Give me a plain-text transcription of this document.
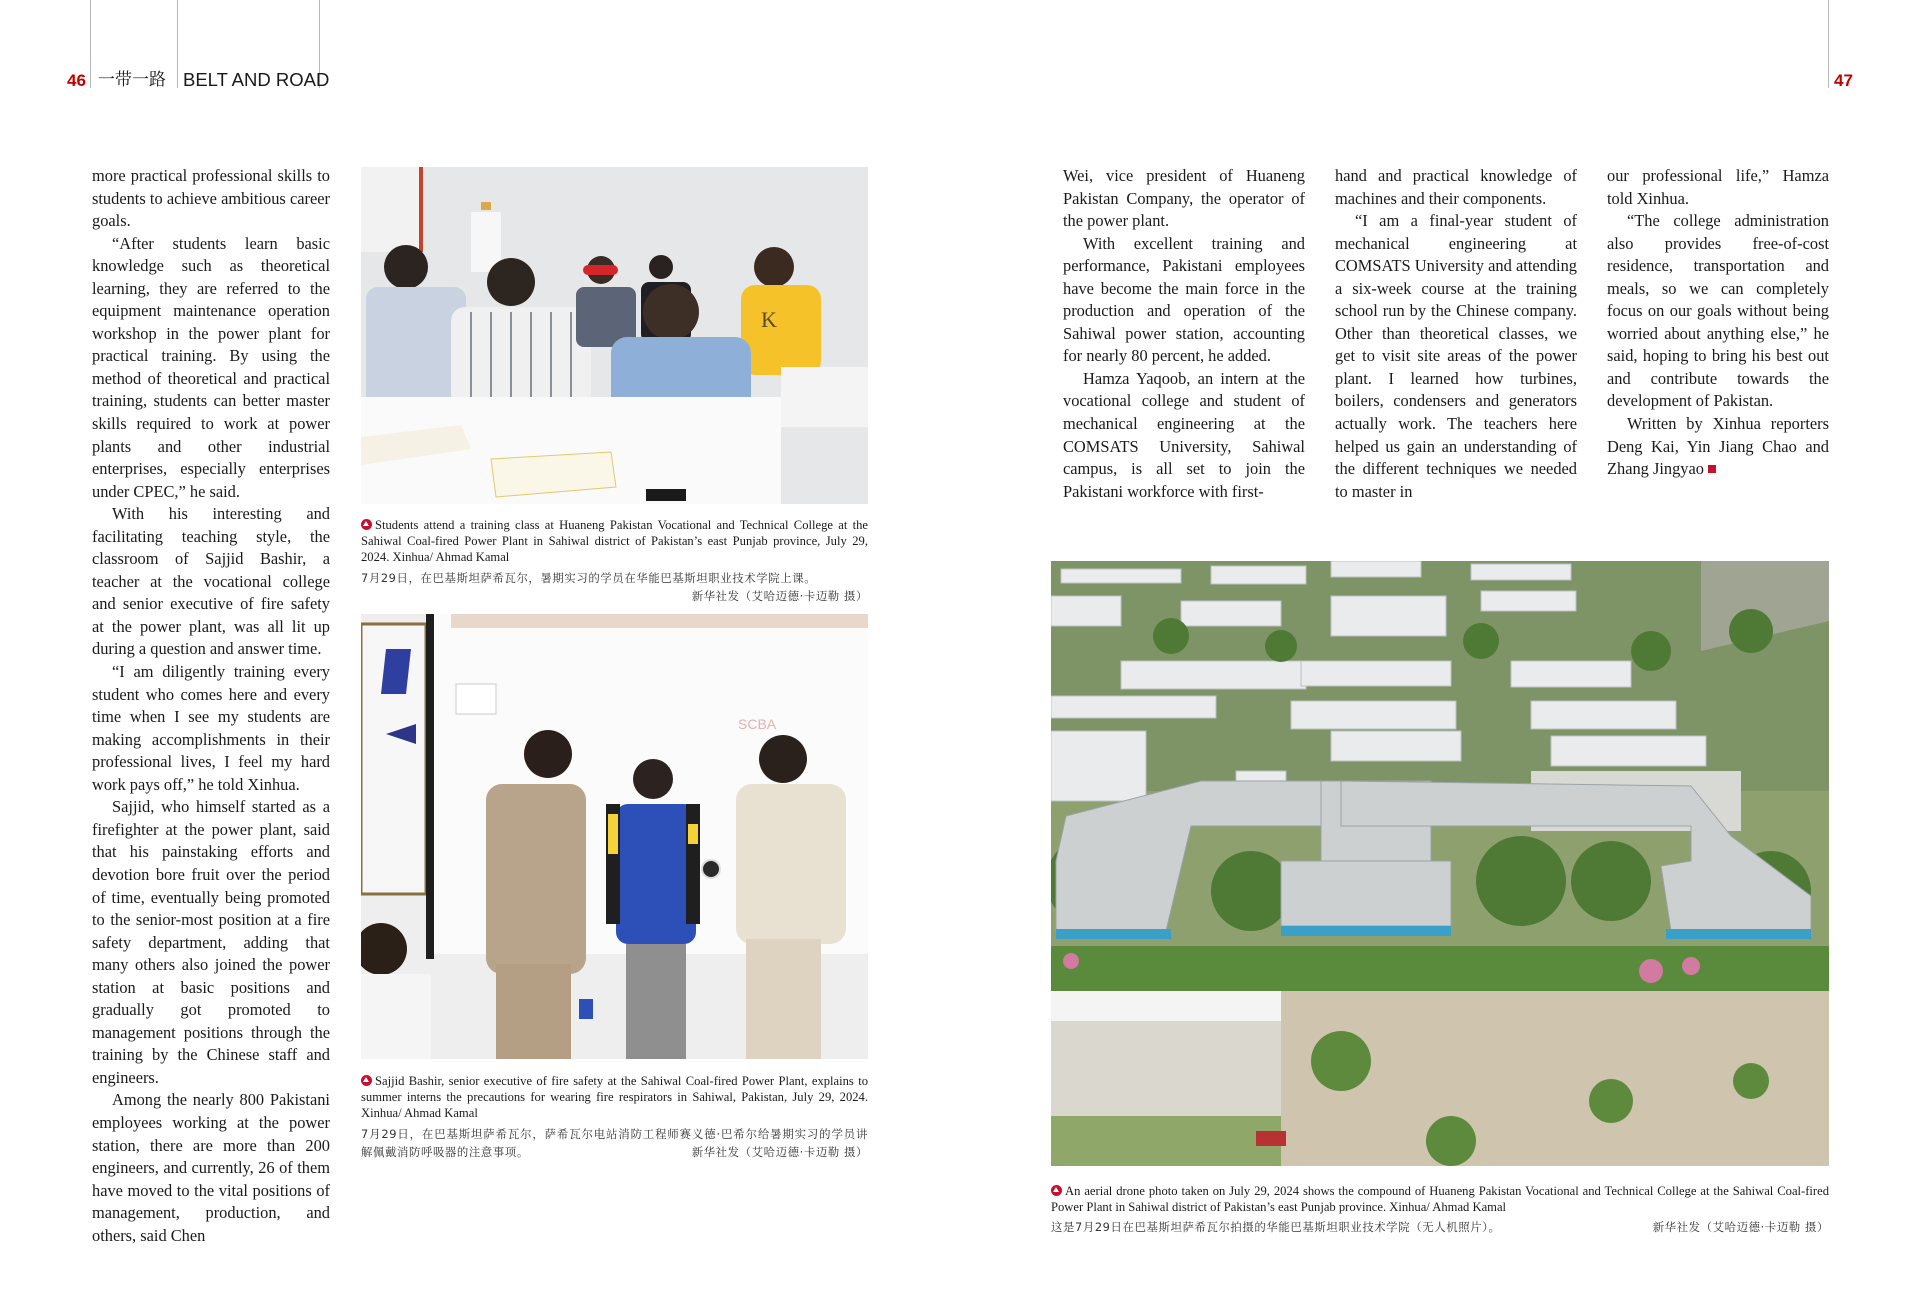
46 一带一路 BELT AND ROAD	47

more practical professional skills to students to achieve ambitious career goals.

“After students learn basic knowledge such as theoretical learning, they are referred to the equipment maintenance operation workshop in the power plant for practical training. By using the method of theoretical and practical training, students can better master skills required to work at power plants and other industrial enterprises, especially enterprises under CPEC,” he said.

With his interesting and facilitating teaching style, the classroom of Sajjid Bashir, a teacher at the vocational college and senior executive of fire safety at the power plant, was all lit up during a question and answer time.

“I am diligently training every student who comes here and every time when I see my students are making accomplishments in their professional lives, I feel my hard work pays off,” he told Xinhua.

Sajjid, who himself started as a firefighter at the power plant, said that his painstaking efforts and devotion bore fruit over the period of time, eventually being promoted to the senior-most position at a fire safety department, adding that many others also joined the power station at basic positions and gradually got promoted to management positions through the training by the Chinese staff and engineers.

Among the nearly 800 Pakistani employees working at the power station, there are more than 200 engineers, and currently, 26 of them have moved to the vital positions of management, production, and others, said Chen

K
Students attend a training class at Huaneng Pakistan Vocational and Technical College at the Sahiwal Coal-fired Power Plant in Sahiwal district of Pakistan’s east Punjab province, July 29, 2024. Xinhua/ Ahmad Kamal
7月29日，在巴基斯坦萨希瓦尔，暑期实习的学员在华能巴基斯坦职业技术学院上课。
新华社发（艾哈迈德·卡迈勒 摄）
SCBA
Sajjid Bashir, senior executive of fire safety at the Sahiwal Coal-fired Power Plant, explains to summer interns the precautions for wearing fire respirators in Sahiwal, Pakistan, July 29, 2024. Xinhua/ Ahmad Kamal
7月29日，在巴基斯坦萨希瓦尔，萨希瓦尔电站消防工程师赛义德·巴希尔给暑期实习的学员讲解佩戴消防呼吸器的注意事项。	新华社发（艾哈迈德·卡迈勒 摄）

Wei, vice president of Huaneng Pakistan Company, the operator of the power plant.

With excellent training and performance, Pakistani employees have become the main force in the production and operation of the Sahiwal power station, accounting for nearly 80 percent, he added.

Hamza Yaqoob, an intern at the vocational college and student of mechanical engineering at the COMSATS University, Sahiwal campus, is all set to join the Pakistani workforce with first-

hand and practical knowledge of machines and their components.

“I am a final-year student of mechanical engineering at COMSATS University and attending a six-week course at the training school run by the Chinese company. Other than theoretical classes, we get to visit site areas of the power plant. I learned how turbines, boilers, condensers and generators actually work. The teachers here helped us gain an understanding of the different techniques we needed to master in

our professional life,” Hamza told Xinhua.

“The college administration also provides free-of-cost residence, transportation and meals, so we can completely focus on our goals without being worried about anything else,” he said, hoping to bring his best out and contribute towards the development of Pakistan.

Written by Xinhua reporters Deng Kai, Yin Jiang Chao and Zhang Jingyao

An aerial drone photo taken on July 29, 2024 shows the compound of Huaneng Pakistan Vocational and Technical College at the Sahiwal Coal-fired Power Plant in Sahiwal district of Pakistan’s east Punjab province. Xinhua/ Ahmad Kamal
这是7月29日在巴基斯坦萨希瓦尔拍摄的华能巴基斯坦职业技术学院（无人机照片）。	新华社发（艾哈迈德·卡迈勒 摄）
